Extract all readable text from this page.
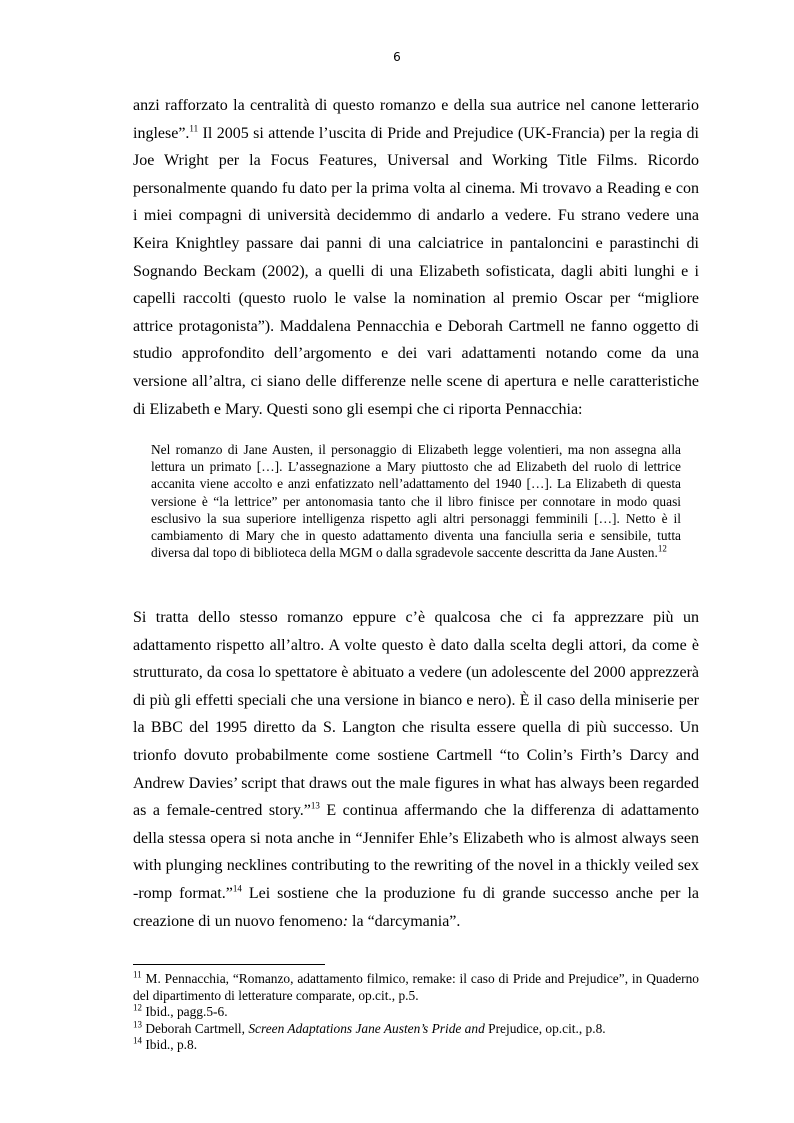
6

anzi rafforzato la centralità di questo romanzo e della sua autrice nel canone letterario inglese”.$^{11}$ Il 2005 si attende l’uscita di Pride and Prejudice (UK-Francia) per la regia di Joe Wright per la Focus Features, Universal and Working Title Films. Ricordo personalmente quando fu dato per la prima volta al cinema. Mi trovavo a Reading e con i miei compagni di università decidemmo di andarlo a vedere. Fu strano vedere una Keira Knightley passare dai panni di una calciatrice in pantaloncini e parastinchi di Sognando Beckam (2002), a quelli di una Elizabeth sofisticata, dagli abiti lunghi e i capelli raccolti (questo ruolo le valse la nomination al premio Oscar per “migliore attrice protagonista”). Maddalena Pennacchia e Deborah Cartmell ne fanno oggetto di studio approfondito dell’argomento e dei vari adattamenti notando come da una versione all’altra, ci siano delle differenze nelle scene di apertura e nelle caratteristiche di Elizabeth e Mary. Questi sono gli esempi che ci riporta Pennacchia:

Nel romanzo di Jane Austen, il personaggio di Elizabeth legge volentieri, ma non assegna alla lettura un primato […]. L’assegnazione a Mary piuttosto che ad Elizabeth del ruolo di lettrice accanita viene accolto e anzi enfatizzato nell’adattamento del 1940 […]. La Elizabeth di questa versione è “la lettrice” per antonomasia tanto che il libro finisce per connotare in modo quasi esclusivo la sua superiore intelligenza rispetto agli altri personaggi femminili […]. Netto è il cambiamento di Mary che in questo adattamento diventa una fanciulla seria e sensibile, tutta diversa dal topo di biblioteca della MGM o dalla sgradevole saccente descritta da Jane Austen.$^{12}$

Si tratta dello stesso romanzo eppure c’è qualcosa che ci fa apprezzare più un adattamento rispetto all’altro. A volte questo è dato dalla scelta degli attori, da come è strutturato, da cosa lo spettatore è abituato a vedere (un adolescente del 2000 apprezzerà di più gli effetti speciali che una versione in bianco e nero). È il caso della miniserie per la BBC del 1995 diretto da S. Langton che risulta essere quella di più successo. Un trionfo dovuto probabilmente come sostiene Cartmell “to Colin’s Firth’s Darcy and Andrew Davies’ script that draws out the male figures in what has always been regarded as a female-centred story.”$^{13}$ E continua affermando che la differenza di adattamento della stessa opera si nota anche in “Jennifer Ehle’s Elizabeth who is almost always seen with plunging necklines contributing to the rewriting of the novel in a thickly veiled sex -romp format.”$^{14}$ Lei sostiene che la produzione fu di grande successo anche per la creazione di un nuovo fenomeno: la “darcymania”.

$^{11}$ M. Pennacchia, “Romanzo, adattamento filmico, remake: il caso di Pride and Prejudice”, in Quaderno del dipartimento di letterature comparate, op.cit., p.5.
$^{12}$ Ibid., pagg.5-6.
$^{13}$ Deborah Cartmell, Screen Adaptations Jane Austen’s Pride and Prejudice, op.cit., p.8.
$^{14}$ Ibid., p.8.
